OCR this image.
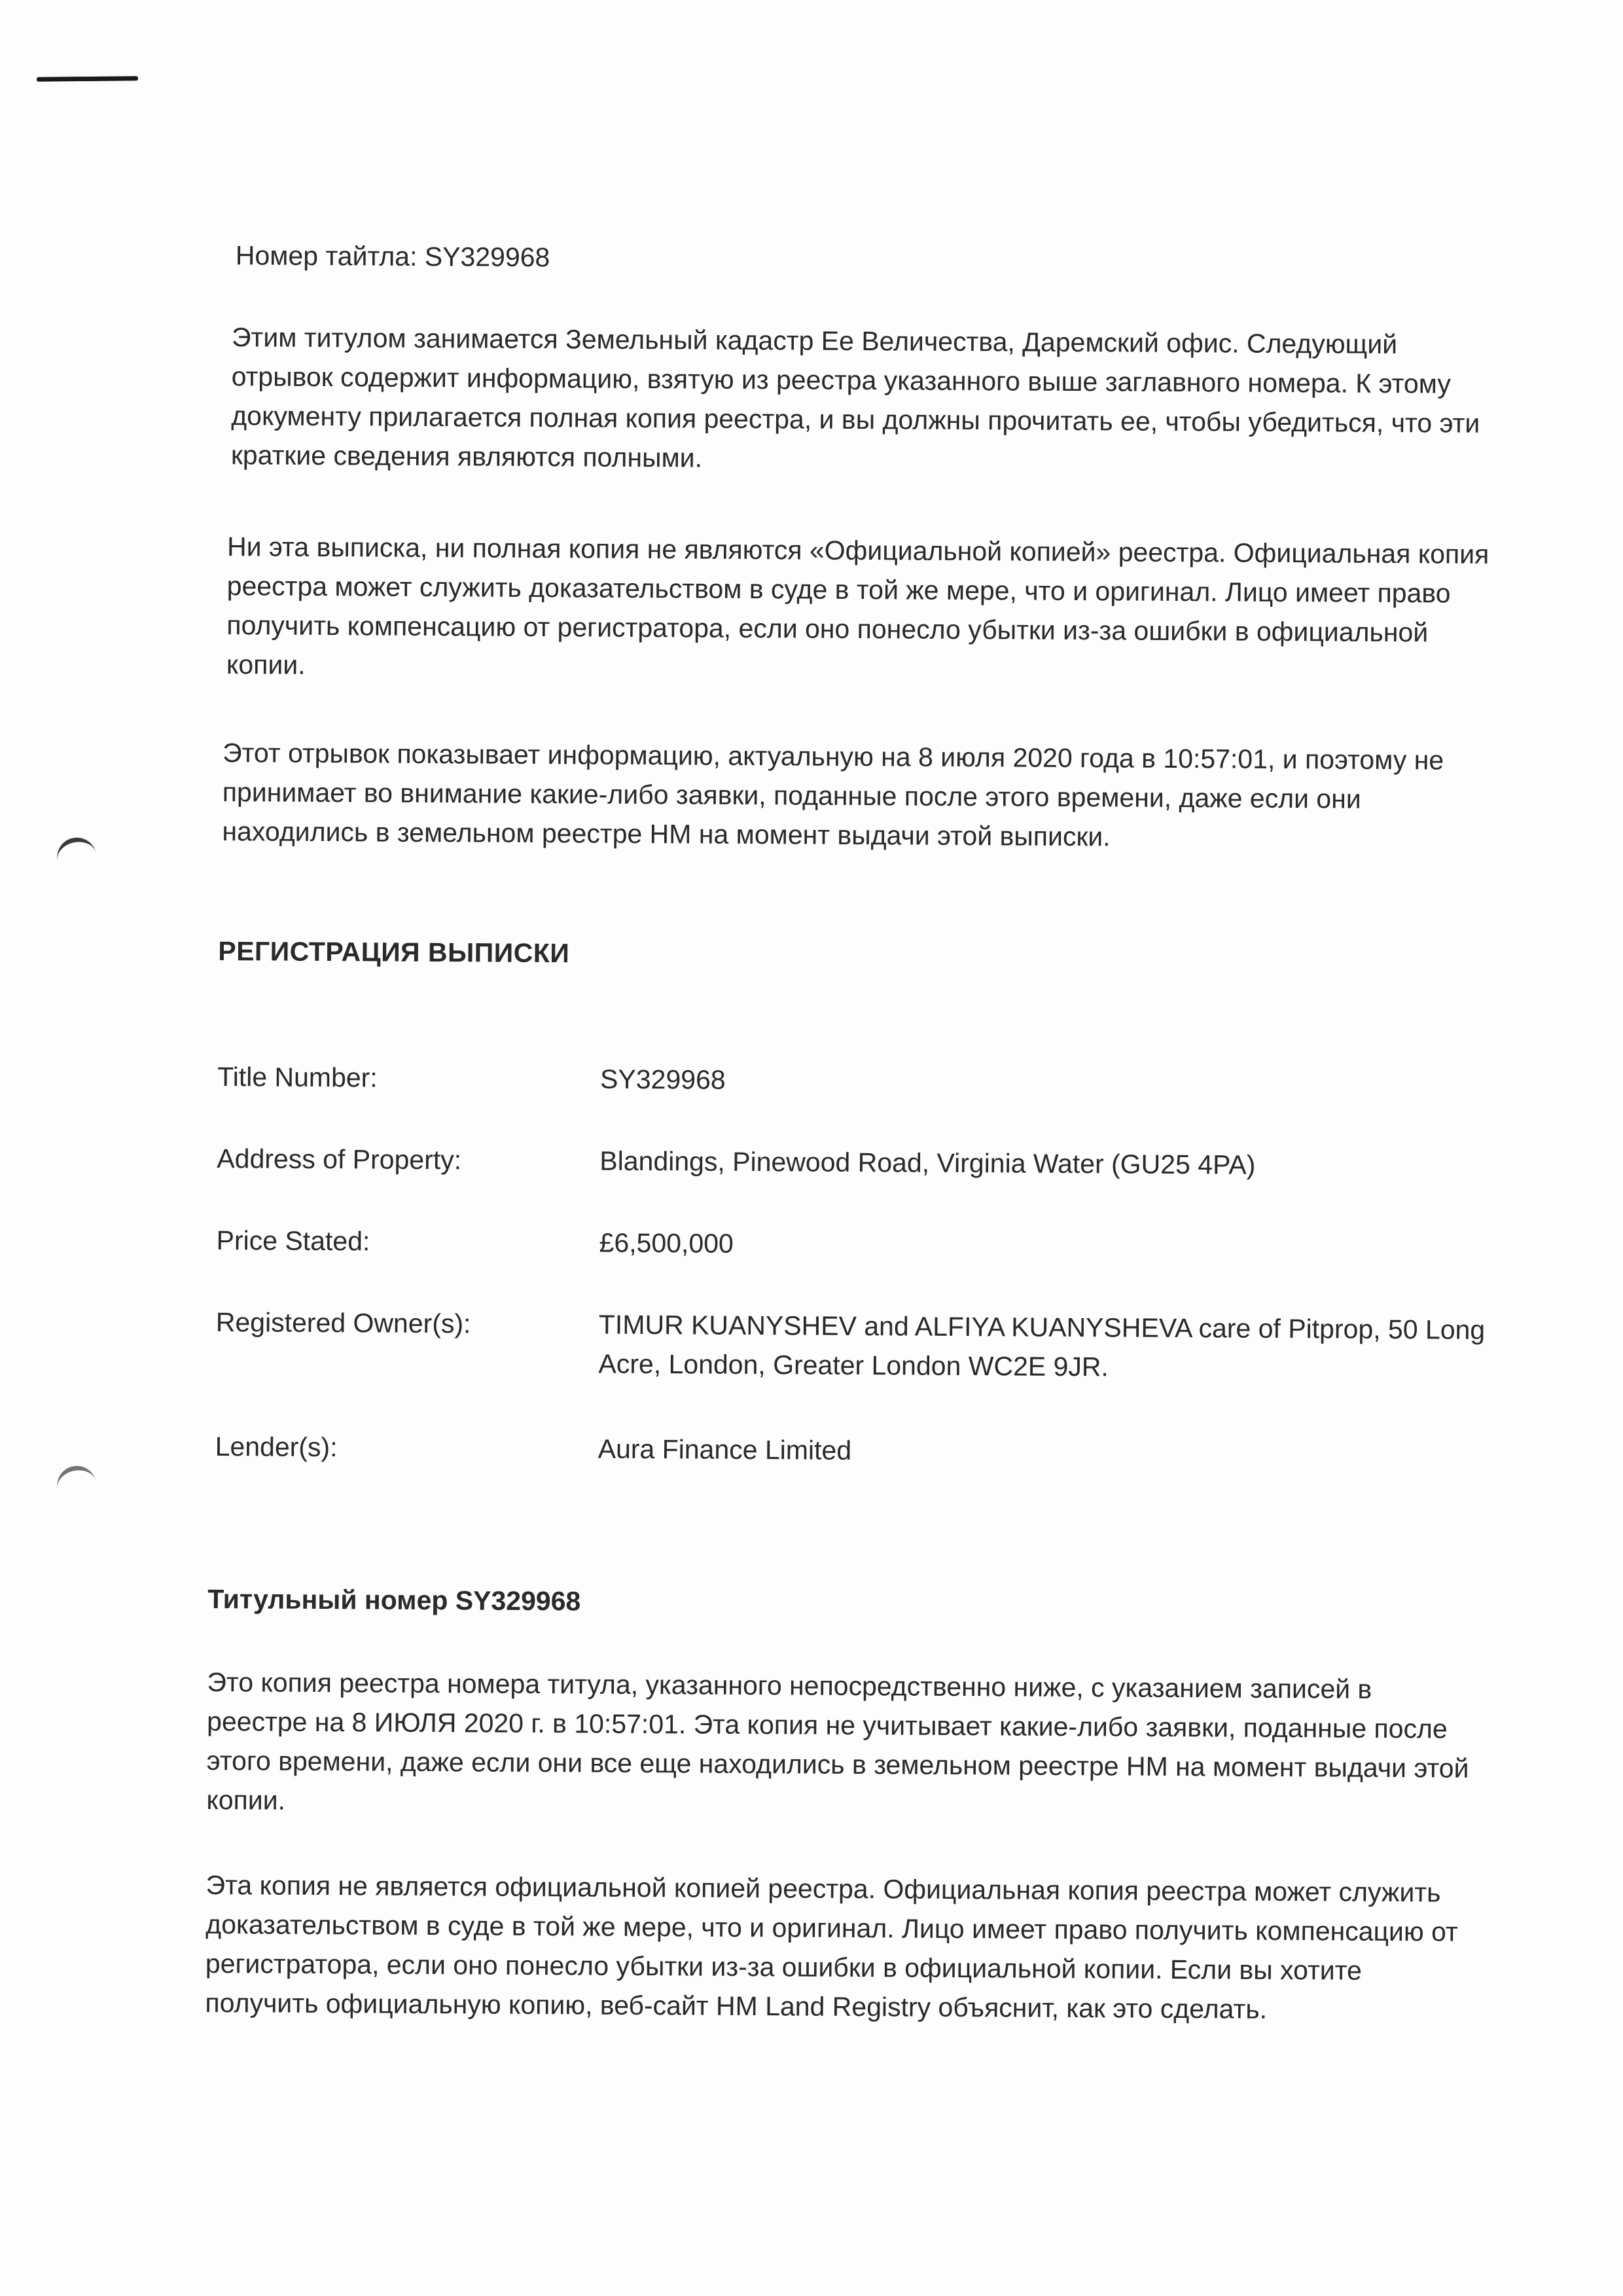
Номер тайтла: SY329968

Этим титулом занимается Земельный кадастр Ее Величества, Даремский офис. Следующий отрывок содержит информацию, взятую из реестра указанного выше заглавного номера. К этому документу прилагается полная копия реестра, и вы должны прочитать ее, чтобы убедиться, что эти краткие сведения являются полными.

Ни эта выписка, ни полная копия не являются «Официальной копией» реестра. Официальная копия реестра может служить доказательством в суде в той же мере, что и оригинал. Лицо имеет право получить компенсацию от регистратора, если оно понесло убытки из-за ошибки в официальной копии.

Этот отрывок показывает информацию, актуальную на 8 июля 2020 года в 10:57:01, и поэтому не принимает во внимание какие-либо заявки, поданные после этого времени, даже если они находились в земельном реестре HM на момент выдачи этой выписки.

РЕГИСТРАЦИЯ ВЫПИСКИ
Title Number:	SY329968
Address of Property:	Blandings, Pinewood Road, Virginia Water (GU25 4PA)
Price Stated:	£6,500,000
Registered Owner(s):	TIMUR KUANYSHEV and ALFIYA KUANYSHEVA care of Pitprop, 50 Long Acre, London, Greater London WC2E 9JR.
Lender(s):	Aura Finance Limited
Титульный номер SY329968

Это копия реестра номера титула, указанного непосредственно ниже, с указанием записей в реестре на 8 ИЮЛЯ 2020 г. в 10:57:01. Эта копия не учитывает какие-либо заявки, поданные после этого времени, даже если они все еще находились в земельном реестре HM на момент выдачи этой копии.

Эта копия не является официальной копией реестра. Официальная копия реестра может служить доказательством в суде в той же мере, что и оригинал. Лицо имеет право получить компенсацию от регистратора, если оно понесло убытки из-за ошибки в официальной копии. Если вы хотите получить официальную копию, веб-сайт HM Land Registry объяснит, как это сделать.
